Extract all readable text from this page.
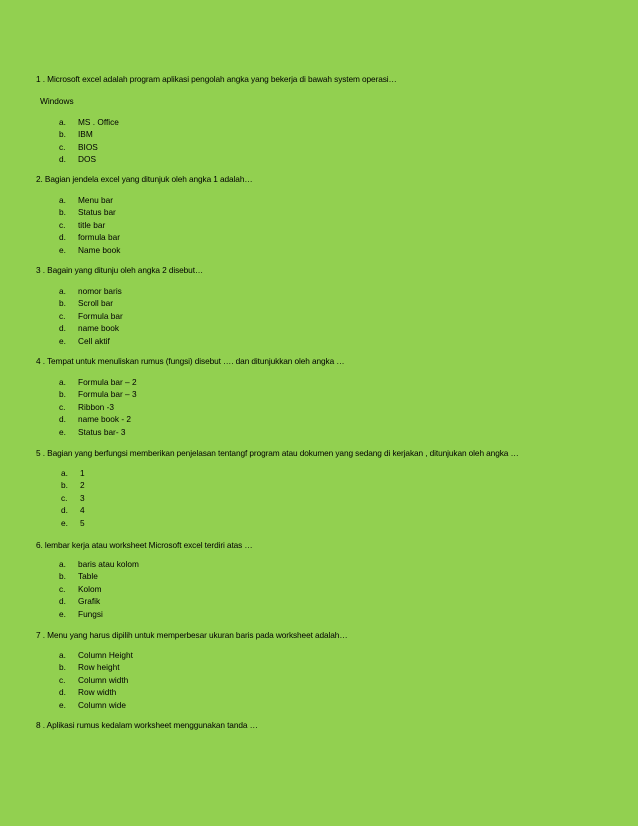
1 . Microsoft excel adalah program aplikasi pengolah angka yang bekerja di bawah system operasi…
Windows
a.	MS . Office
b.	IBM
c.	BIOS
d.	DOS
2. Bagian jendela excel yang ditunjuk oleh angka 1 adalah…
a.	Menu bar
b.	Status bar
c.	title bar
d.	formula bar
e.	Name book
3 . Bagain yang ditunju oleh angka 2 disebut…
a.	nomor baris
b.	Scroll bar
c.	Formula bar
d.	name book
e.	Cell aktif
4 . Tempat untuk menuliskan rumus (fungsi) disebut …. dan ditunjukkan oleh angka …
a.	Formula bar – 2
b.	Formula bar – 3
c.	Ribbon -3
d.	name book - 2
e.	Status bar- 3
5 . Bagian yang berfungsi memberikan penjelasan tentangf program atau dokumen yang sedang di kerjakan , ditunjukan oleh angka …
a.	1
b.	2
c.	3
d.	4
e.	5
6. lembar kerja atau worksheet Microsoft excel terdiri atas …
a.	baris atau kolom
b.	Table
c.	Kolom
d.	Grafik
e.	Fungsi
7 . Menu yang harus dipilih untuk memperbesar ukuran baris pada worksheet adalah…
a.	Column Height
b.	Row height
c.	Column width
d.	Row width
e.	Column wide
8 . Aplikasi rumus kedalam worksheet menggunakan tanda …
